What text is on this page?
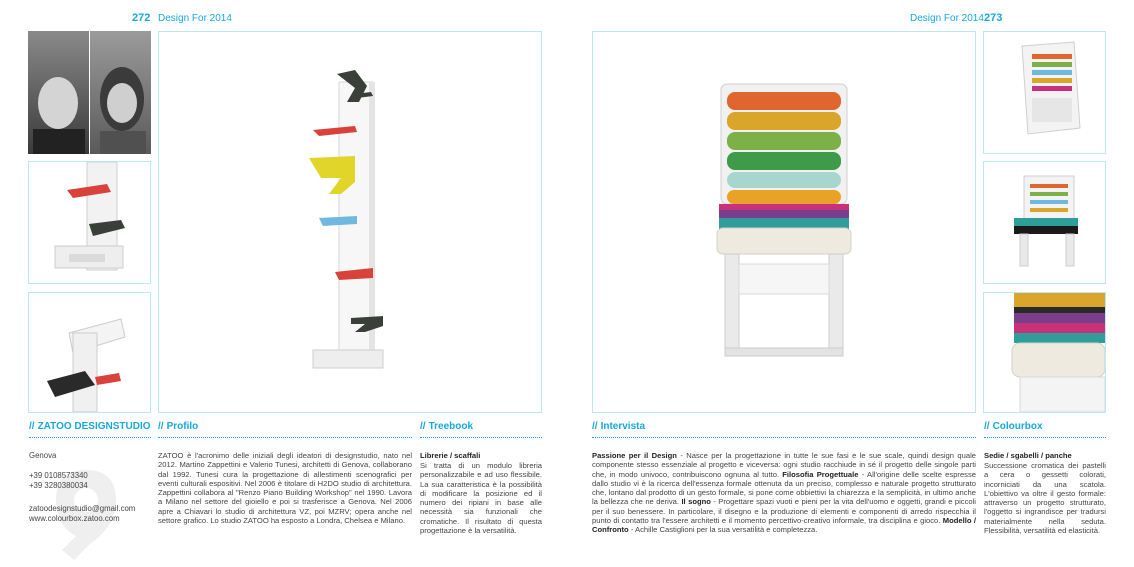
272 Design For 2014
// ZATOO DESIGNSTUDIO // Profilo	// Treebook
Genova
+39 0108573340
+39 3280380034
zatoodesignstudio@gmail.com
www.colourbox.zatoo.com
ZATOO è l'acronimo delle iniziali degli ideatori di designstudio, nato nel 2012. Martino Zappettini e Valerio Tunesi, architetti di Genova, collaborano dal 1992. Tunesi cura la progettazione di allestimenti scenografici per eventi culturali espositivi. Nel 2006 è titolare di H2DO studio di architettura. Zappettini collabora al "Renzo Piano Building Workshop" nel 1990. Lavora a Milano nel settore del gioiello e poi si trasferisce a Genova. Nel 2006 apre a Chiavari lo studio di architettura VZ, poi MZRV; opera anche nel settore grafico. Lo studio ZATOO ha esposto a Londra, Chelsea e Milano.
Librerie / scaffali
Si tratta di un modulo libreria personalizzabile e ad uso flessibile. La sua caratteristica è la possibilità di modificare la posizione ed il numero dei ripiani in base alle necessità sia funzionali che cromatiche. Il risultato di questa progettazione è la versatilità.
Design For 2014 273
// Intervista	// Colourbox
Passione per il Design - Nasce per la progettazione in tutte le sue fasi e le sue scale, quindi design quale componente stesso essenziale al progetto e viceversa: ogni studio racchiude in sé il progetto delle singole parti che, in modo univoco, contribuiscono ognuna al tutto. Filosofia Progettuale - All'origine delle scelte espresse dallo studio vi è la ricerca dell'essenza formale ottenuta da un preciso, complesso e naturale progetto strutturato che, lontano dal prodotto di un gesto formale, si pone come obbiettivi la chiarezza e la semplicità, in ultimo anche la bellezza che ne deriva. Il sogno - Progettare spazi vuoti e pieni per la vita dell'uomo e oggetti, grandi e piccoli per il suo benessere. In particolare, il disegno e la produzione di elementi e componenti di arredo rispecchia il punto di contatto tra l'essere architetti e il momento percettivo-creativo informale, tra disciplina e gioco. Modello / Confronto - Achille Castiglioni per la sua versatilità e completezza.
Sedie / sgabelli / panche
Successione cromatica dei pastelli a cera o gessetti colorati, incorniciati da una scatola. L'obiettivo va oltre il gesto formale: attraverso un progetto strutturato, l'oggetto si ingrandisce per tradursi materialmente nella seduta. Flessibilità, versatilità ed elasticità.
